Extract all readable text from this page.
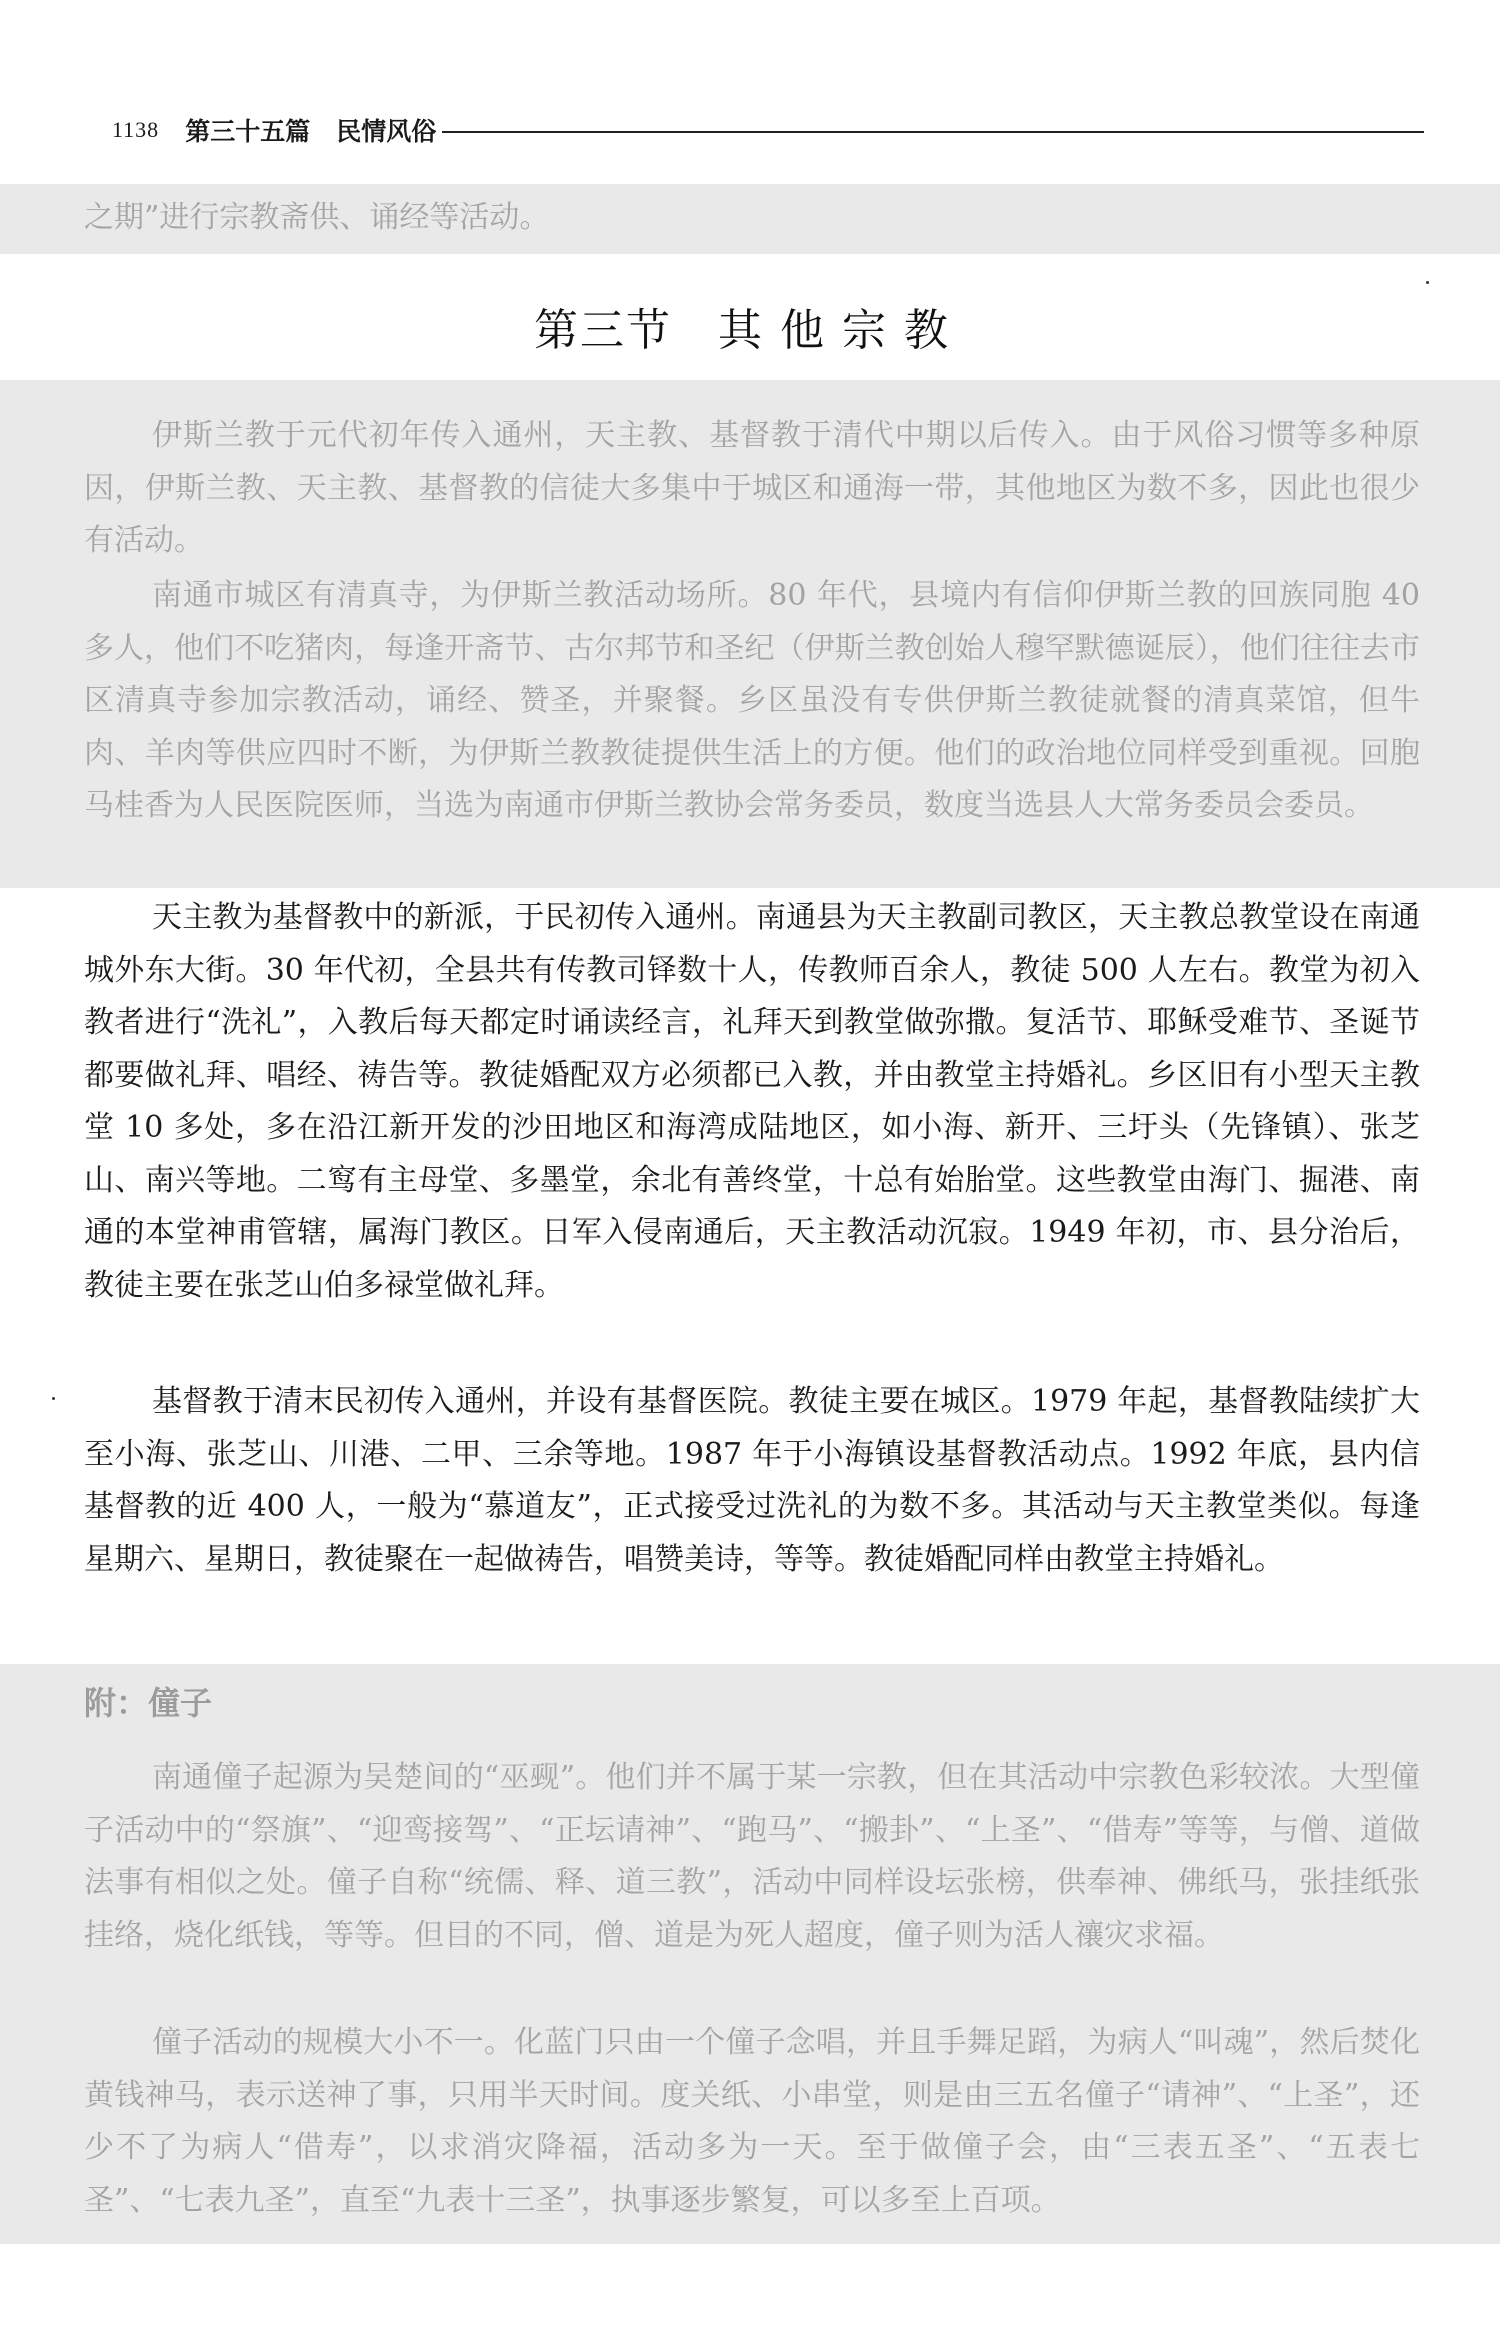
1138 第三十五篇 民情风俗

之期”进行宗教斋供、诵经等活动。

第三节 其他宗教

伊斯兰教于元代初年传入通州，天主教、基督教于清代中期以后传入。由于风俗习惯等多种原因，伊斯兰教、天主教、基督教的信徒大多集中于城区和通海一带，其他地区为数不多，因此也很少有活动。

南通市城区有清真寺，为伊斯兰教活动场所。80 年代，县境内有信仰伊斯兰教的回族同胞 40 多人，他们不吃猪肉，每逢开斋节、古尔邦节和圣纪（伊斯兰教创始人穆罕默德诞辰），他们往往去市区清真寺参加宗教活动，诵经、赞圣，并聚餐。乡区虽没有专供伊斯兰教徒就餐的清真菜馆，但牛肉、羊肉等供应四时不断，为伊斯兰教教徒提供生活上的方便。他们的政治地位同样受到重视。回胞马桂香为人民医院医师，当选为南通市伊斯兰教协会常务委员，数度当选县人大常务委员会委员。

天主教为基督教中的新派，于民初传入通州。南通县为天主教副司教区，天主教总教堂设在南通城外东大街。30 年代初，全县共有传教司铎数十人，传教师百余人，教徒 500 人左右。教堂为初入教者进行“洗礼”，入教后每天都定时诵读经言，礼拜天到教堂做弥撒。复活节、耶稣受难节、圣诞节都要做礼拜、唱经、祷告等。教徒婚配双方必须都已入教，并由教堂主持婚礼。乡区旧有小型天主教堂 10 多处，多在沿江新开发的沙田地区和海湾成陆地区，如小海、新开、三圩头（先锋镇）、张芝山、南兴等地。二窎有主母堂、多墨堂，余北有善终堂，十总有始胎堂。这些教堂由海门、掘港、南通的本堂神甫管辖，属海门教区。日军入侵南通后，天主教活动沉寂。1949 年初，市、县分治后，教徒主要在张芝山伯多禄堂做礼拜。

基督教于清末民初传入通州，并设有基督医院。教徒主要在城区。1979 年起，基督教陆续扩大至小海、张芝山、川港、二甲、三余等地。1987 年于小海镇设基督教活动点。1992 年底，县内信基督教的近 400 人，一般为“慕道友”，正式接受过洗礼的为数不多。其活动与天主教堂类似。每逢星期六、星期日，教徒聚在一起做祷告，唱赞美诗，等等。教徒婚配同样由教堂主持婚礼。

附：僮子

南通僮子起源为吴楚间的“巫觋”。他们并不属于某一宗教，但在其活动中宗教色彩较浓。大型僮子活动中的“祭旗”、“迎鸾接驾”、“正坛请神”、“跑马”、“搬卦”、“上圣”、“借寿”等等，与僧、道做法事有相似之处。僮子自称“统儒、释、道三教”，活动中同样设坛张榜，供奉神、佛纸马，张挂纸张挂络，烧化纸钱，等等。但目的不同，僧、道是为死人超度，僮子则为活人禳灾求福。

僮子活动的规模大小不一。化蓝门只由一个僮子念唱，并且手舞足蹈，为病人“叫魂”，然后焚化黄钱神马，表示送神了事，只用半天时间。度关纸、小串堂，则是由三五名僮子“请神”、“上圣”，还少不了为病人“借寿”，以求消灾降福，活动多为一天。至于做僮子会，由“三表五圣”、“五表七圣”、“七表九圣”，直至“九表十三圣”，执事逐步繁复，可以多至上百项。
